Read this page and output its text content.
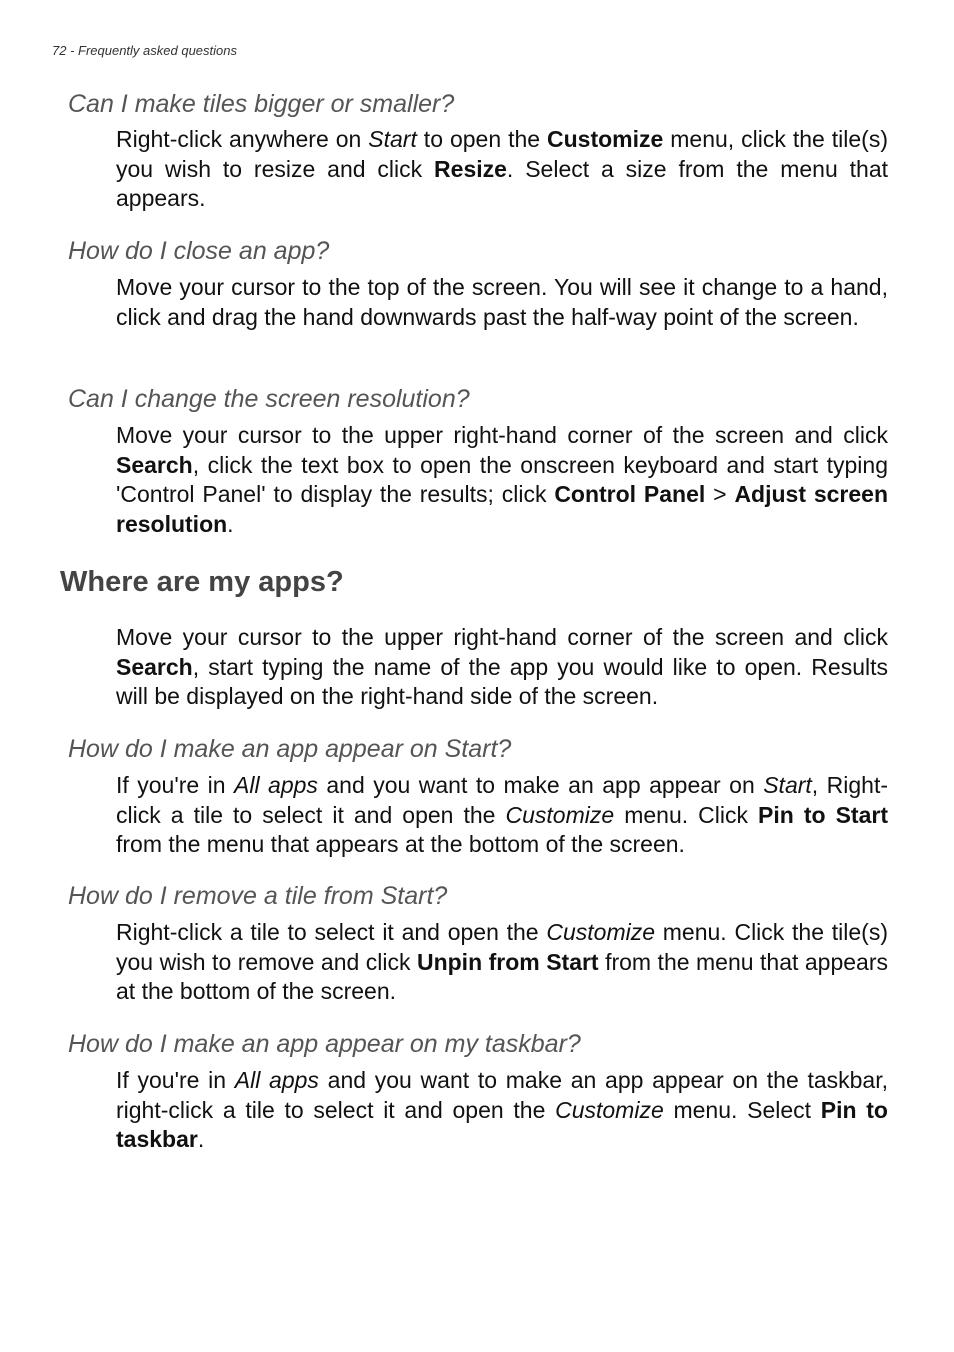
72 - Frequently asked questions
Can I make tiles bigger or smaller?
Right-click anywhere on Start to open the Customize menu, click the tile(s) you wish to resize and click Resize. Select a size from the menu that appears.
How do I close an app?
Move your cursor to the top of the screen. You will see it change to a hand, click and drag the hand downwards past the half-way point of the screen.
Can I change the screen resolution?
Move your cursor to the upper right-hand corner of the screen and click Search, click the text box to open the onscreen keyboard and start typing 'Control Panel' to display the results; click Control Panel > Adjust screen resolution.
Where are my apps?
Move your cursor to the upper right-hand corner of the screen and click Search, start typing the name of the app you would like to open. Results will be displayed on the right-hand side of the screen.
How do I make an app appear on Start?
If you're in All apps and you want to make an app appear on Start, Right-click a tile to select it and open the Customize menu. Click Pin to Start from the menu that appears at the bottom of the screen.
How do I remove a tile from Start?
Right-click a tile to select it and open the Customize menu. Click the tile(s) you wish to remove and click Unpin from Start from the menu that appears at the bottom of the screen.
How do I make an app appear on my taskbar?
If you're in All apps and you want to make an app appear on the taskbar, right-click a tile to select it and open the Customize menu. Select Pin to taskbar.
